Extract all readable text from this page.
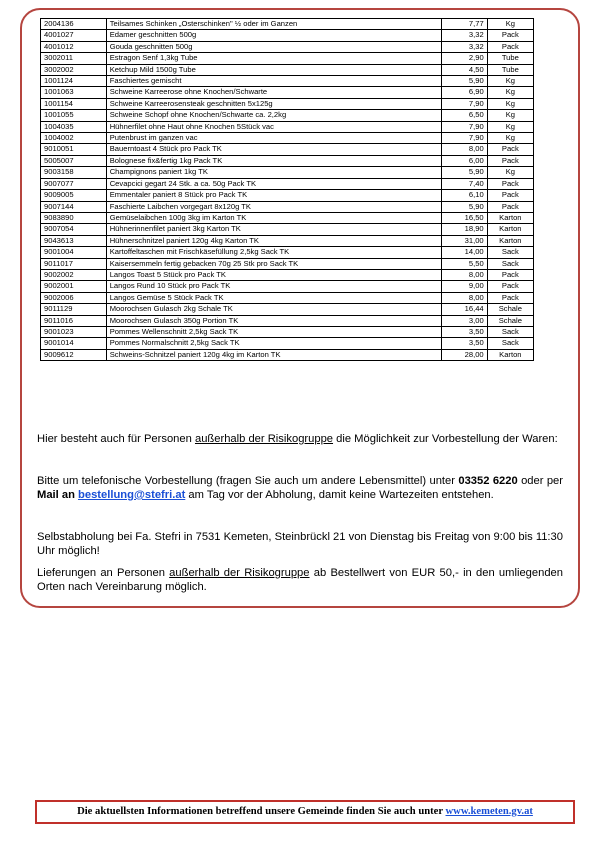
2004136	Teilsames Schinken „Osterschinken" ½ oder im Ganzen	7,77	Kg
4001027	Edamer geschnitten 500g	3,32	Pack
4001012	Gouda geschnitten 500g	3,32	Pack
3002011	Estragon Senf 1,3kg Tube	2,90	Tube
3002002	Ketchup Mild 1500g Tube	4,50	Tube
1001124	Faschiertes gemischt	5,90	Kg
1001063	Schweine Karreerose ohne Knochen/Schwarte	6,90	Kg
1001154	Schweine Karreerosensteak geschnitten 5x125g	7,90	Kg
1001055	Schweine Schopf ohne Knochen/Schwarte ca. 2,2kg	6,50	Kg
1004035	Hühnerfilet ohne Haut ohne Knochen 5Stück vac	7,90	Kg
1004002	Putenbrust im ganzen vac	7,90	Kg
9010051	Bauerntoast 4 Stück pro Pack TK	8,00	Pack
5005007	Bolognese fix&fertig 1kg Pack TK	6,00	Pack
9003158	Champignons paniert 1kg TK	5,90	Kg
9007077	Cevapcici gegart 24 Stk. a ca. 50g Pack TK	7,40	Pack
9009005	Emmentaler paniert 8 Stück pro Pack TK	6,10	Pack
9007144	Faschierte Laibchen vorgegart 8x120g TK	5,90	Pack
9083890	Gemüselaibchen 100g 3kg im Karton TK	16,50	Karton
9007054	Hühnerinnenfilet paniert 3kg Karton TK	18,90	Karton
9043613	Hühnerschnitzel paniert 120g 4kg Karton TK	31,00	Karton
9001004	Kartoffeltaschen mit Frischkäsefüllung 2,5kg Sack TK	14,00	Sack
9011017	Kaisersemmeln fertig gebacken 70g 25 Stk pro Sack TK	5,50	Sack
9002002	Langos Toast 5 Stück pro Pack TK	8,00	Pack
9002001	Langos Rund 10 Stück pro Pack TK	9,00	Pack
9002006	Langos Gemüse 5 Stück Pack TK	8,00	Pack
9011129	Moorochsen Gulasch 2kg Schale TK	16,44	Schale
9011016	Moorochsen Gulasch 350g Portion TK	3,00	Schale
9001023	Pommes Wellenschnitt 2,5kg Sack TK	3,50	Sack
9001014	Pommes Normalschnitt 2,5kg Sack TK	3,50	Sack
9009612	Schweins-Schnitzel paniert 120g 4kg im Karton TK	28,00	Karton

Hier besteht auch für Personen außerhalb der Risikogruppe die Möglichkeit zur Vorbestellung der Waren:

Bitte um telefonische Vorbestellung (fragen Sie auch um andere Lebensmittel) unter 03352 6220 oder per Mail an bestellung@stefri.at am Tag vor der Abholung, damit keine Wartezeiten entstehen.

Selbstabholung bei Fa. Stefri in 7531 Kemeten, Steinbrückl 21 von Dienstag bis Freitag von 9:00 bis 11:30 Uhr möglich!

Lieferungen an Personen außerhalb der Risikogruppe ab Bestellwert von EUR 50,- in den umliegenden Orten nach Vereinbarung möglich.

Die aktuellsten Informationen betreffend unsere Gemeinde finden Sie auch unter www.kemeten.gv.at
